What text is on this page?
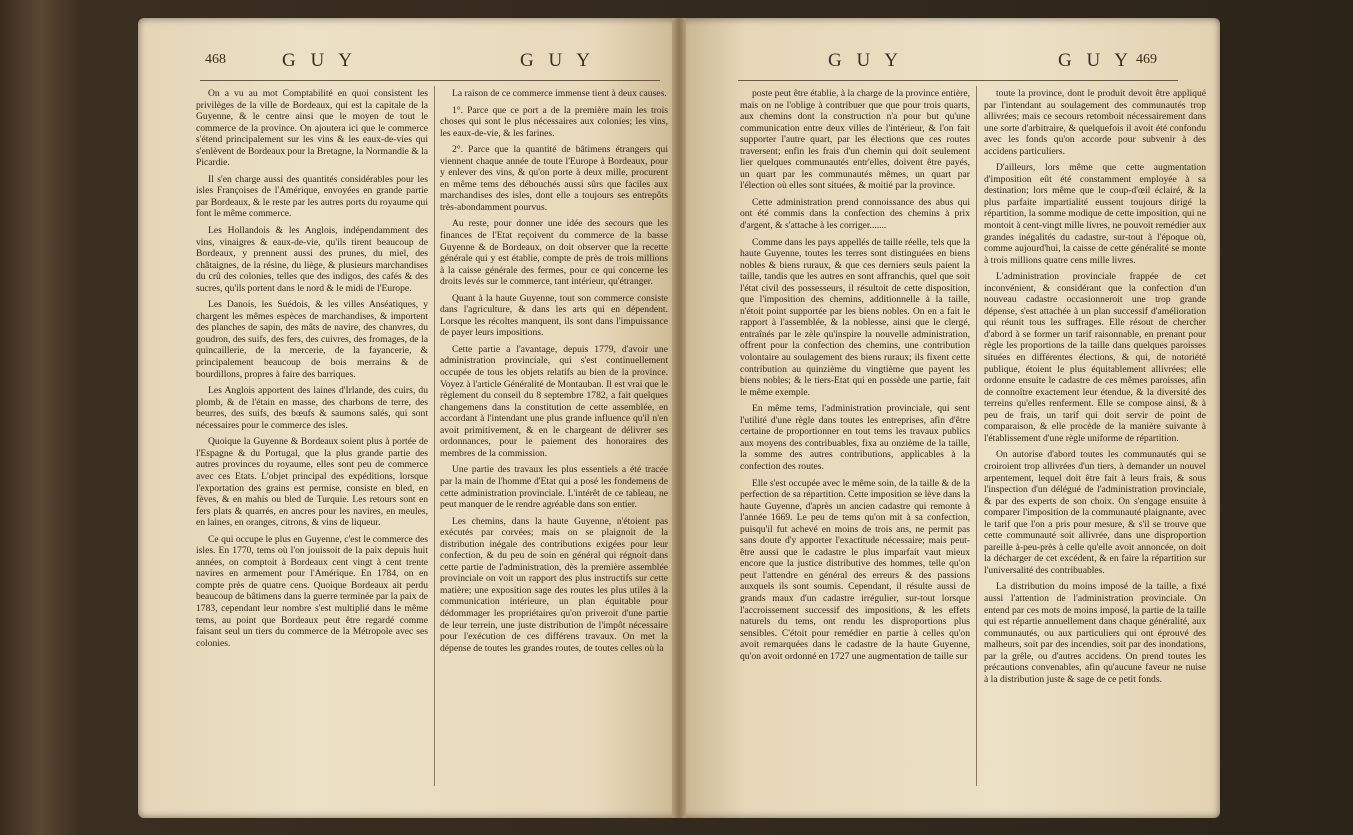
468	G U Y	G U Y	G U Y	G U Y 469

On a vu au mot Comptabilité en quoi consistent les privilèges de la ville de Bordeaux, qui est la capitale de la Guyenne, & le centre ainsi que le moyen de tout le commerce de la province. On ajoutera ici que le commerce s'étend principalement sur les vins & les eaux-de-vies qui s'enlèvent de Bordeaux pour la Bretagne, la Normandie & la Picardie.

Il s'en charge aussi des quantités considérables pour les isles Françoises de l'Amérique, envoyées en grande partie par Bordeaux, & le reste par les autres ports du royaume qui font le même commerce.

Les Hollandois & les Anglois, indépendamment des vins, vinaigres & eaux-de-vie, qu'ils tirent beaucoup de Bordeaux, y prennent aussi des prunes, du miel, des châtaignes, de la résine, du liège, & plusieurs marchandises du crû des colonies, telles que des indigos, des cafés & des sucres, qu'ils portent dans le nord & le midi de l'Europe.

Les Danois, les Suédois, & les villes Anséatiques, y chargent les mêmes espèces de marchandises, & importent des planches de sapin, des mâts de navire, des chanvres, du goudron, des suifs, des fers, des cuivres, des fromages, de la quincaillerie, de la mercerie, de la fayancerie, & principalement beaucoup de bois merrains & de bourdillons, propres à faire des barriques.

Les Anglois apportent des laines d'Irlande, des cuirs, du plomb, & de l'étain en masse, des charbons de terre, des beurres, des suifs, des bœufs & saumons salés, qui sont nécessaires pour le commerce des isles.

Quoique la Guyenne & Bordeaux soient plus à portée de l'Espagne & du Portugal, que la plus grande partie des autres provinces du royaume, elles sont peu de commerce avec ces Etats. L'objet principal des expéditions, lorsque l'exportation des grains est permise, consiste en bled, en fèves, & en mahis ou bled de Turquie. Les retours sont en fers plats & quarrés, en ancres pour les navires, en meules, en laines, en oranges, citrons, & vins de liqueur.

Ce qui occupe le plus en Guyenne, c'est le commerce des isles. En 1770, tems où l'on jouissoit de la paix depuis huit années, on comptoit à Bordeaux cent vingt à cent trente navires en armement pour l'Amérique. En 1784, on en compte près de quatre cens. Quoique Bordeaux ait perdu beaucoup de bâtimens dans la guerre terminée par la paix de 1783, cependant leur nombre s'est multiplié dans le même tems, au point que Bordeaux peut être regardé comme faisant seul un tiers du commerce de la Métropole avec ses colonies.

La raison de ce commerce immense tient à deux causes.

1°. Parce que ce port a de la première main les trois choses qui sont le plus nécessaires aux colonies; les vins, les eaux-de-vie, & les farines.

2°. Parce que la quantité de bâtimens étrangers qui viennent chaque année de toute l'Europe à Bordeaux, pour y enlever des vins, & qu'on porte à deux mille, procurent en même tems des débouchés aussi sûrs que faciles aux marchandises des isles, dont elle a toujours ses entrepôts très-abondamment pourvus.

Au reste, pour donner une idée des secours que les finances de l'Etat reçoivent du commerce de la basse Guyenne & de Bordeaux, on doit observer que la recette générale qui y est établie, compte de près de trois millions à la caisse générale des fermes, pour ce qui concerne les droits levés sur le commerce, tant intérieur, qu'étranger.

Quant à la haute Guyenne, tout son commerce consiste dans l'agriculture, & dans les arts qui en dépendent. Lorsque les récoltes manquent, ils sont dans l'impuissance de payer leurs impositions.

Cette partie a l'avantage, depuis 1779, d'avoir une administration provinciale, qui s'est continuellement occupée de tous les objets relatifs au bien de la province. Voyez à l'article Généralité de Montauban. Il est vrai que le règlement du conseil du 8 septembre 1782, a fait quelques changemens dans la constitution de cette assemblée, en accordant à l'intendant une plus grande influence qu'il n'en avoit primitivement, & en le chargeant de délivrer ses ordonnances, pour le paiement des honoraires des membres de la commission.

Une partie des travaux les plus essentiels a été tracée par la main de l'homme d'Etat qui a posé les fondemens de cette administration provinciale. L'intérêt de ce tableau, ne peut manquer de le rendre agréable dans son entier.

Les chemins, dans la haute Guyenne, n'étoient pas exécutés par corvées; mais on se plaignoit de la distribution inégale des contributions exigées pour leur confection, & du peu de soin en général qui régnoit dans cette partie de l'administration, dès la première assemblée provinciale on voit un rapport des plus instructifs sur cette matière; une exposition sage des routes les plus utiles à la communication intérieure, un plan équitable pour dédommager les propriétaires qu'on priveroit d'une partie de leur terrein, une juste distribution de l'impôt nécessaire pour l'exécution de ces différens travaux. On met la dépense de toutes les grandes routes, de toutes celles où la

poste peut être établie, à la charge de la province entière, mais on ne l'oblige à contribuer que que pour trois quarts, aux chemins dont la construction n'a pour but qu'une communication entre deux villes de l'intérieur, & l'on fait supporter l'autre quart, par les élections que ces routes traversent; enfin les frais d'un chemin qui doit seulement lier quelques communautés entr'elles, doivent être payés, un quart par les communautés mêmes, un quart par l'élection où elles sont situées, & moitié par la province.

Cette administration prend connoissance des abus qui ont été commis dans la confection des chemins à prix d'argent, & s'attache à les corriger.......

Comme dans les pays appellés de taille réelle, tels que la haute Guyenne, toutes les terres sont distinguées en biens nobles & biens ruraux, & que ces derniers seuls paient la taille, tandis que les autres en sont affranchis, quel que soit l'état civil des possesseurs, il résultoit de cette disposition, que l'imposition des chemins, additionnelle à la taille, n'étoit point supportée par les biens nobles. On en a fait le rapport à l'assemblée, & la noblesse, ainsi que le clergé, entraînés par le zèle qu'inspire la nouvelle administration, offrent pour la confection des chemins, une contribution volontaire au soulagement des biens ruraux; ils fixent cette contribution au quinzième du vingtième que payent les biens nobles; & le tiers-Etat qui en possède une partie, fait le même exemple.

En même tems, l'administration provinciale, qui sent l'utilité d'une règle dans toutes les entreprises, afin d'être certaine de proportionner en tout tems les travaux publics aux moyens des contribuables, fixa au onzième de la taille, la somme des autres contributions, applicables à la confection des routes.

Elle s'est occupée avec le même soin, de la taille & de la perfection de sa répartition. Cette imposition se lève dans la haute Guyenne, d'après un ancien cadastre qui remonte à l'année 1669. Le peu de tems qu'on mit à sa confection, puisqu'il fut achevé en moins de trois ans, ne permit pas sans doute d'y apporter l'exactitude nécessaire; mais peut-être aussi que le cadastre le plus imparfait vaut mieux encore que la justice distributive des hommes, telle qu'on peut l'attendre en général des erreurs & des passions auxquels ils sont soumis. Cependant, il résulte aussi de grands maux d'un cadastre irrégulier, sur-tout lorsque l'accroissement successif des impositions, & les effets naturels du tems, ont rendu les disproportions plus sensibles. C'étoit pour remédier en partie à celles qu'on avoit remarquées dans le cadastre de la haute Guyenne, qu'on avoit ordonné en 1727 une augmentation de taille sur

toute la province, dont le produit devoit être appliqué par l'intendant au soulagement des communautés trop allivrées; mais ce secours retomboit nécessairement dans une sorte d'arbitraire, & quelquefois il avoit été confondu avec les fonds qu'on accorde pour subvenir à des accidens particuliers.

D'ailleurs, lors même que cette augmentation d'imposition eût été constamment employée à sa destination; lors même que le coup-d'œil éclairé, & la plus parfaite impartialité eussent toujours dirigé la répartition, la somme modique de cette imposition, qui ne montoit à cent-vingt mille livres, ne pouvoit remédier aux grandes inégalités du cadastre, sur-tout à l'époque où, comme aujourd'hui, la caisse de cette généralité se monte à trois millions quatre cens mille livres.

L'administration provinciale frappée de cet inconvénient, & considérant que la confection d'un nouveau cadastre occasionneroit une trop grande dépense, s'est attachée à un plan successif d'amélioration qui réunit tous les suffrages. Elle résout de chercher d'abord à se former un tarif raisonnable, en prenant pour règle les proportions de la taille dans quelques paroisses situées en différentes élections, & qui, de notoriété publique, étoient le plus équitablement allivrées; elle ordonne ensuite le cadastre de ces mêmes paroisses, afin de connoître exactement leur étendue, & la diversité des terreins qu'elles renferment. Elle se compose ainsi, & à peu de frais, un tarif qui doit servir de point de comparaison, & elle procède de la manière suivante à l'établissement d'une règle uniforme de répartition.

On autorise d'abord toutes les communautés qui se croiroient trop allivrées d'un tiers, à demander un nouvel arpentement, lequel doit être fait à leurs frais, & sous l'inspection d'un délégué de l'administration provinciale, & par des experts de son choix. On s'engage ensuite à comparer l'imposition de la communauté plaignante, avec le tarif que l'on a pris pour mesure, & s'il se trouve que cette communauté soit allivrée, dans une disproportion pareille à-peu-près à celle qu'elle avoit annoncée, on doit la décharger de cet excédent, & en faire la répartition sur l'universalité des contribuables.

La distribution du moins imposé de la taille, a fixé aussi l'attention de l'administration provinciale. On entend par ces mots de moins imposé, la partie de la taille qui est répartie annuellement dans chaque généralité, aux communautés, ou aux particuliers qui ont éprouvé des malheurs, soit par des incendies, soit par des inondations, par la grêle, ou d'autres accidens. On prend toutes les précautions convenables, afin qu'aucune faveur ne nuise à la distribution juste & sage de ce petit fonds.
